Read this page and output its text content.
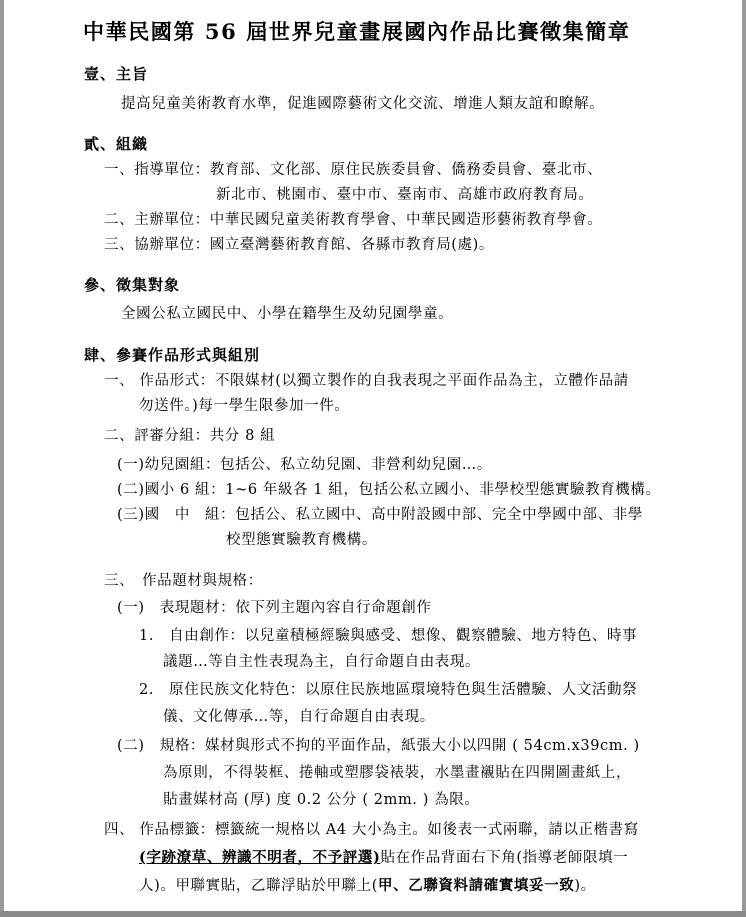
中華民國第 56 屆世界兒童畫展國內作品比賽徵集簡章
壹、主旨
提高兒童美術教育水準，促進國際藝術文化交流、增進人類友誼和瞭解。
貳、組織
一、指導單位：教育部、文化部、原住民族委員會、僑務委員會、臺北市、
新北市、桃園市、臺中市、臺南市、高雄市政府教育局。
二、主辦單位：中華民國兒童美術教育學會、中華民國造形藝術教育學會。
三、協辦單位：國立臺灣藝術教育館、各縣市教育局(處)。
參、徵集對象
全國公私立國民中、小學在籍學生及幼兒園學童。
肆、參賽作品形式與組別
一、 作品形式：不限媒材(以獨立製作的自我表現之平面作品為主，立體作品請
勿送件。)每一學生限參加一件。
二、評審分組：共分 8 組
(一)幼兒園組：包括公、私立幼兒園、非營利幼兒園…。
(二)國小 6 組：1~6 年級各 1 組，包括公私立國小、非學校型態實驗教育機構。
(三)國　中　組：包括公、私立國中、高中附設國中部、完全中學國中部、非學
校型態實驗教育機構。
三、　作品題材與規格：
(一)　表現題材：依下列主題內容自行命題創作
1.　自由創作：以兒童積極經驗與感受、想像、觀察體驗、地方特色、時事
議題…等自主性表現為主，自行命題自由表現。
2.　原住民族文化特色：以原住民族地區環境特色與生活體驗、人文活動祭
儀、文化傳承…等，自行命題自由表現。
(二)　規格：媒材與形式不拘的平面作品，紙張大小以四開 ( 54cm.x39cm. )
為原則，不得裝框、捲軸或塑膠袋裱裝，水墨畫襯貼在四開圖畫紙上，
貼畫媒材高 (厚) 度 0.2 公分 ( 2mm. ) 為限。
四、 作品標籤：標籤統一規格以 A4 大小為主。如後表一式兩聯，請以正楷書寫
(字跡潦草、辨識不明者，不予評選)貼在作品背面右下角(指導老師限填一
人)。甲聯實貼，乙聯浮貼於甲聯上(甲、乙聯資料請確實填妥一致)。
